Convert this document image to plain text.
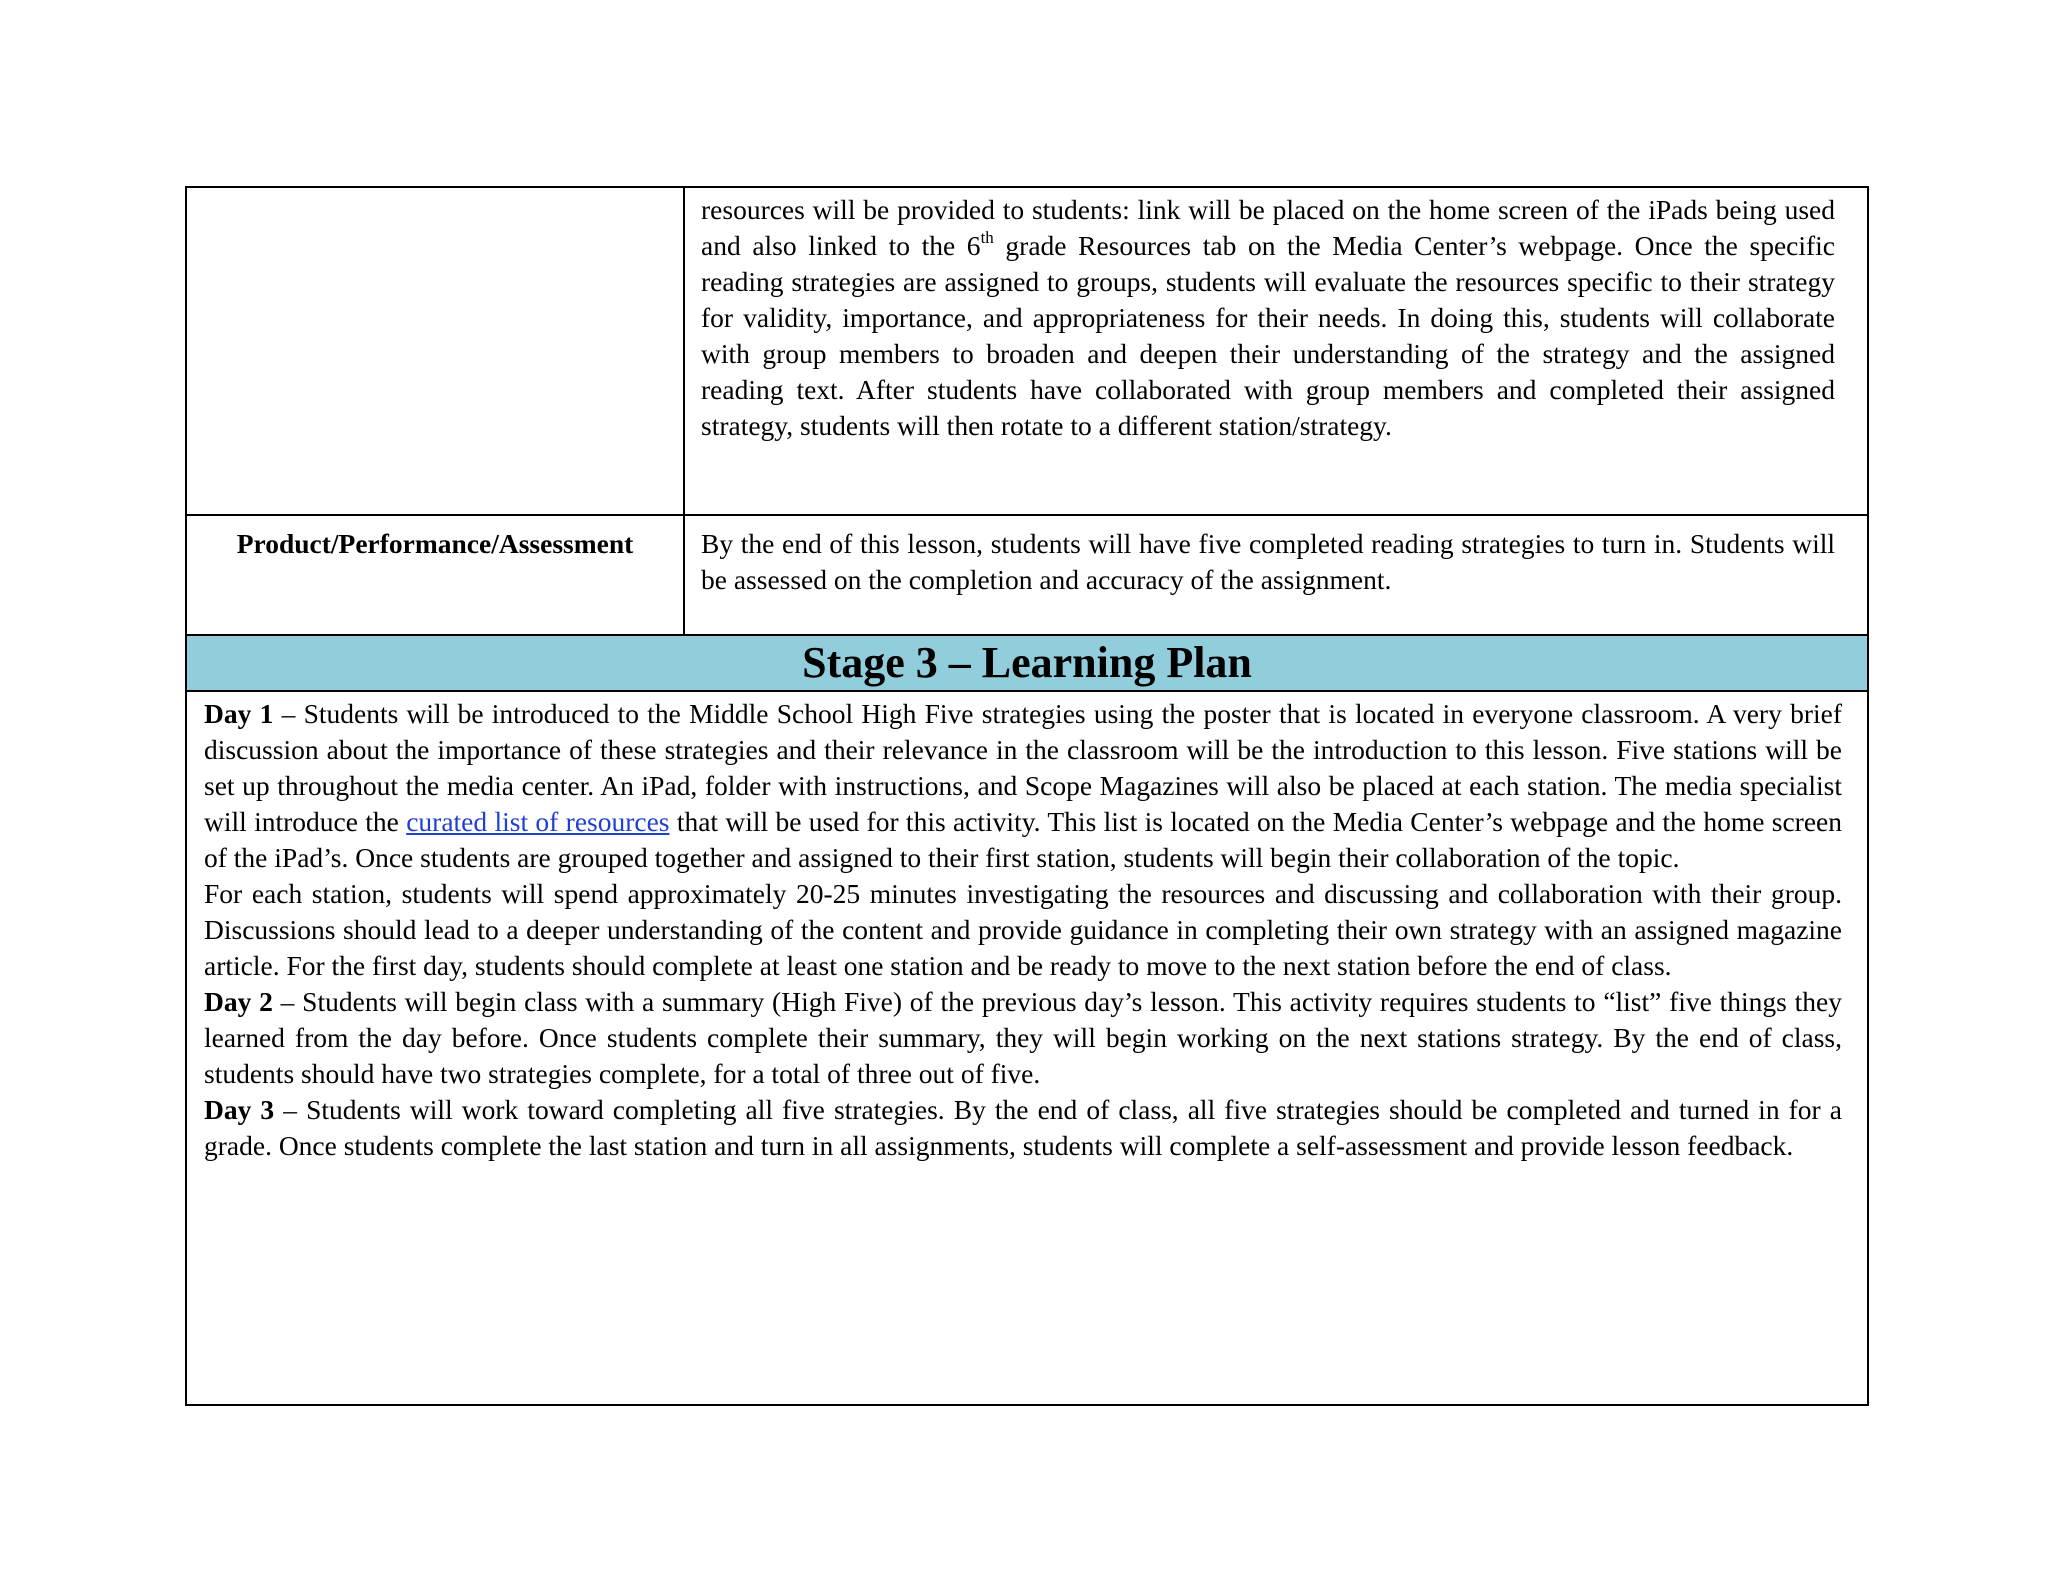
	resources will be provided to students: link will be placed on the home screen of the iPads being used and also linked to the 6th grade Resources tab on the Media Center’s webpage. Once the specific reading strategies are assigned to groups, students will evaluate the resources specific to their strategy for validity, importance, and appropriateness for their needs. In doing this, students will collaborate with group members to broaden and deepen their understanding of the strategy and the assigned reading text. After students have collaborated with group members and completed their assigned strategy, students will then rotate to a different station/strategy.

Product/Performance/Assessment	By the end of this lesson, students will have five completed reading strategies to turn in. Students will be assessed on the completion and accuracy of the assignment.

Stage 3 – Learning Plan	

Day 1 – Students will be introduced to the Middle School High Five strategies using the poster that is located in everyone classroom. A very brief discussion about the importance of these strategies and their relevance in the classroom will be the introduction to this lesson. Five stations will be set up throughout the media center. An iPad, folder with instructions, and Scope Magazines will also be placed at each station. The media specialist will introduce the curated list of resources that will be used for this activity. This list is located on the Media Center’s webpage and the home screen of the iPad’s. Once students are grouped together and assigned to their first station, students will begin their collaboration of the topic.

For each station, students will spend approximately 20-25 minutes investigating the resources and discussing and collaboration with their group. Discussions should lead to a deeper understanding of the content and provide guidance in completing their own strategy with an assigned magazine article. For the first day, students should complete at least one station and be ready to move to the next station before the end of class.

Day 2 – Students will begin class with a summary (High Five) of the previous day’s lesson. This activity requires students to “list” five things they learned from the day before. Once students complete their summary, they will begin working on the next stations strategy. By the end of class, students should have two strategies complete, for a total of three out of five.

Day 3 – Students will work toward completing all five strategies. By the end of class, all five strategies should be completed and turned in for a grade. Once students complete the last station and turn in all assignments, students will complete a self-assessment and provide lesson feedback.	
